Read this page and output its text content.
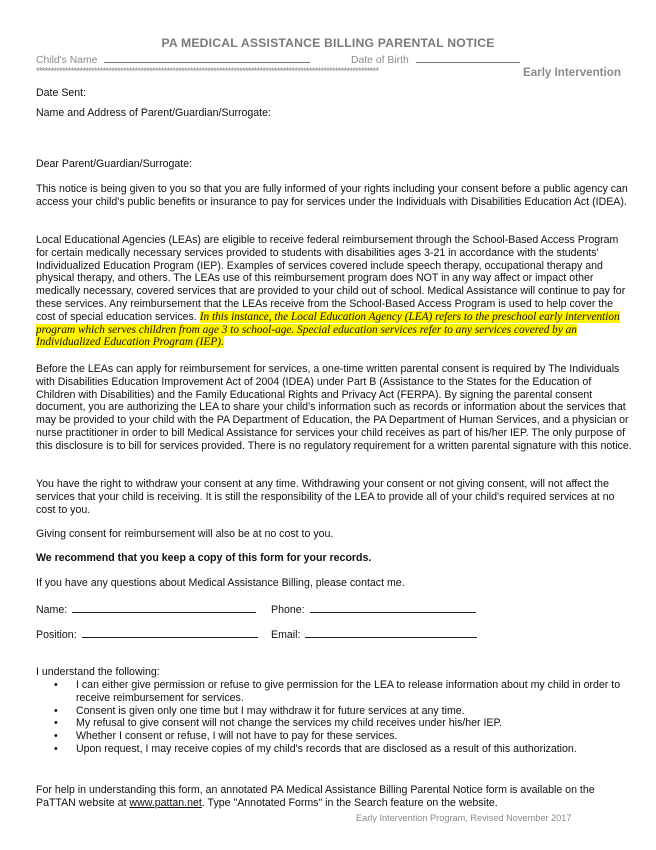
PA MEDICAL ASSISTANCE BILLING PARENTAL NOTICE
Child's Name	Date of Birth
**********************************************************************************************************************	Early Intervention
Date Sent:
Name and Address of Parent/Guardian/Surrogate:
Dear Parent/Guardian/Surrogate:
This notice is being given to you so that you are fully informed of your rights including your consent before a public agency can access your child's public benefits or insurance to pay for services under the Individuals with Disabilities Education Act (IDEA).
Local Educational Agencies (LEAs) are eligible to receive federal reimbursement through the School-Based Access Program for certain medically necessary services provided to students with disabilities ages 3-21 in accordance with the students' Individualized Education Program (IEP). Examples of services covered include speech therapy, occupational therapy and physical therapy, and others. The LEAs use of this reimbursement program does NOT in any way affect or impact other medically necessary, covered services that are provided to your child out of school. Medical Assistance will continue to pay for these services. Any reimbursement that the LEAs receive from the School-Based Access Program is used to help cover the cost of special education services. In this instance, the Local Education Agency (LEA) refers to the preschool early intervention program which serves children from age 3 to school-age. Special education services refer to any services covered by an Individualized Education Program (IEP).
Before the LEAs can apply for reimbursement for services, a one-time written parental consent is required by The Individuals with Disabilities Education Improvement Act of 2004 (IDEA) under Part B (Assistance to the States for the Education of Children with Disabilities) and the Family Educational Rights and Privacy Act (FERPA). By signing the parental consent document, you are authorizing the LEA to share your child's information such as records or information about the services that may be provided to your child with the PA Department of Education, the PA Department of Human Services, and a physician or nurse practitioner in order to bill Medical Assistance for services your child receives as part of his/her IEP. The only purpose of this disclosure is to bill for services provided. There is no regulatory requirement for a written parental signature with this notice.
You have the right to withdraw your consent at any time. Withdrawing your consent or not giving consent, will not affect the services that your child is receiving. It is still the responsibility of the LEA to provide all of your child's required services at no cost to you.
Giving consent for reimbursement will also be at no cost to you.
We recommend that you keep a copy of this form for your records.
If you have any questions about Medical Assistance Billing, please contact me.
Name:	Phone:
Position:	Email:
I understand the following:
• I can either give permission or refuse to give permission for the LEA to release information about my child in order to receive reimbursement for services.
• Consent is given only one time but I may withdraw it for future services at any time.
• My refusal to give consent will not change the services my child receives under his/her IEP.
• Whether I consent or refuse, I will not have to pay for these services.
• Upon request, I may receive copies of my child's records that are disclosed as a result of this authorization.
For help in understanding this form, an annotated PA Medical Assistance Billing Parental Notice form is available on the PaTTAN website at www.pattan.net. Type "Annotated Forms" in the Search feature on the website.
Early Intervention Program, Revised November 2017
